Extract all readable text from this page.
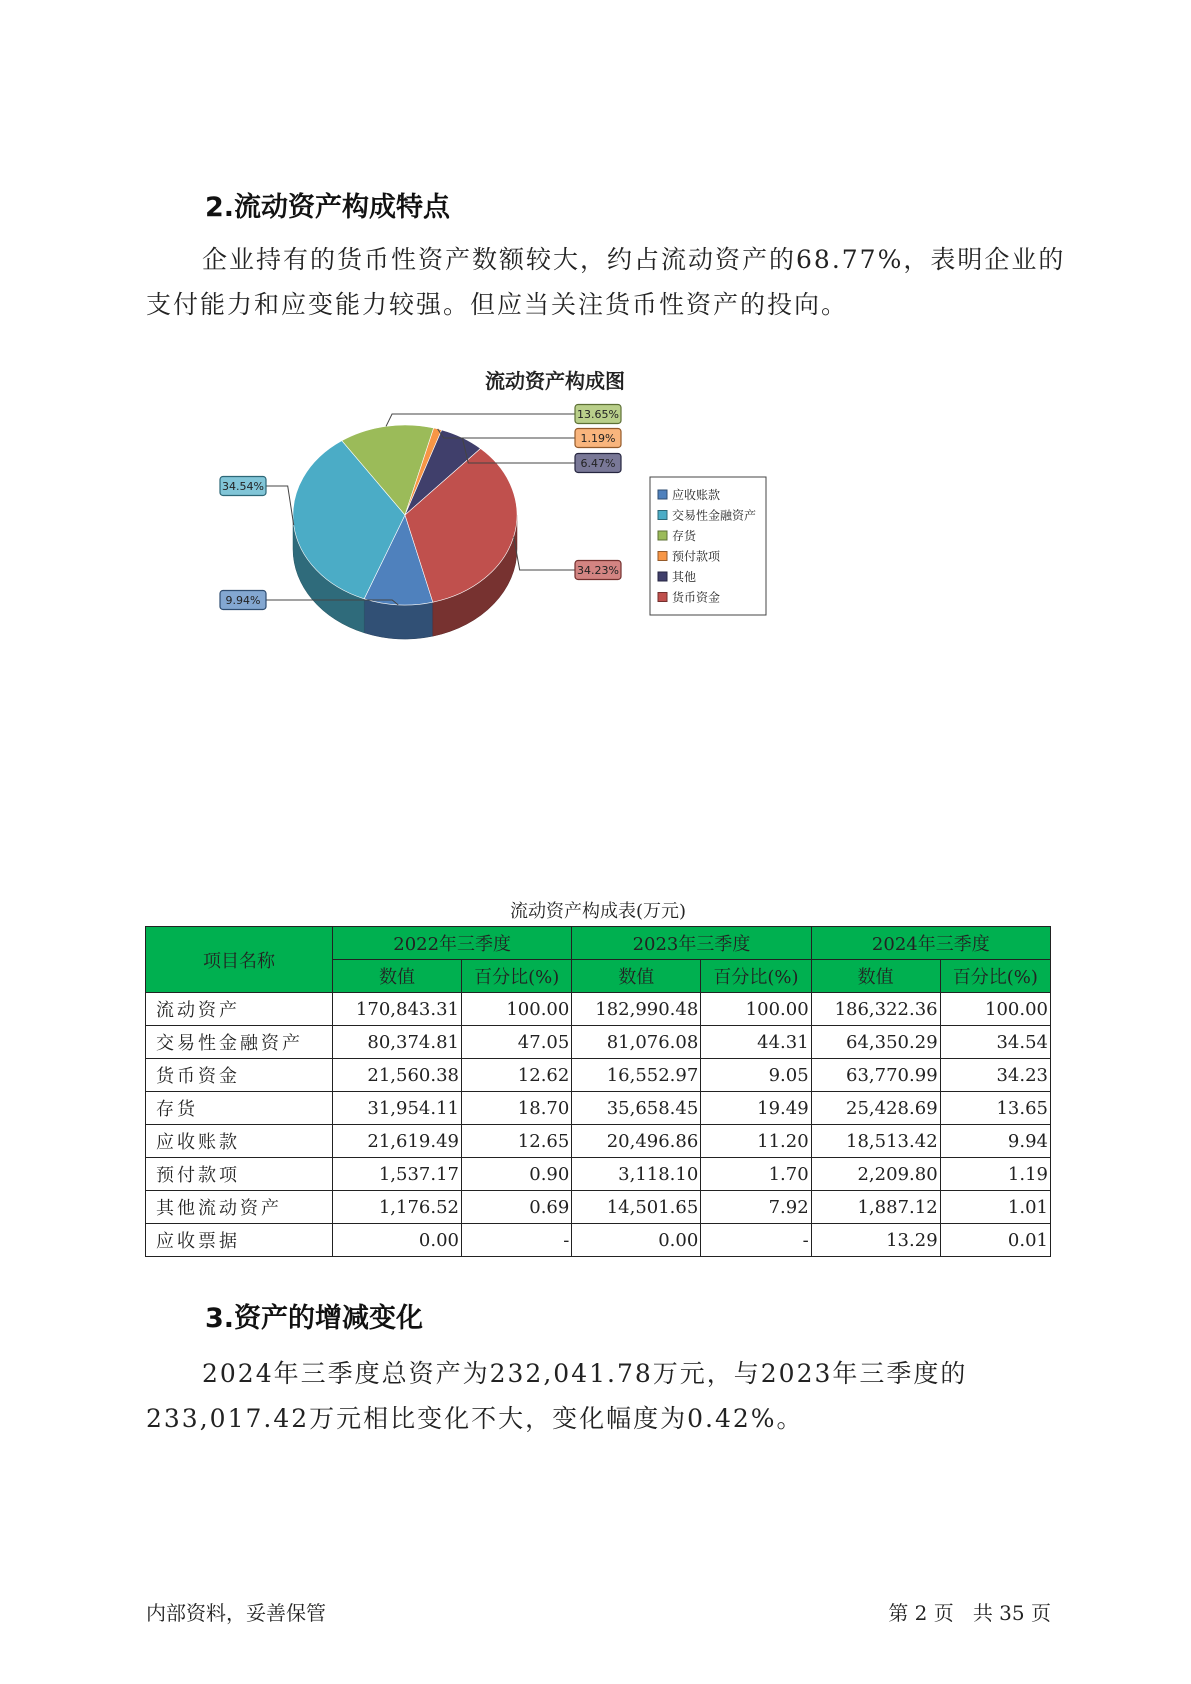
2.流动资产构成特点

企业持有的货币性资产数额较大，约占流动资产的68.77%，表明企业的支付能力和应变能力较强。但应当关注货币性资产的投向。

流动资产构成图
9.94%
34.54%
13.65%
1.19%
6.47%
34.23%
应收账款
交易性金融资产
存货
预付款项
其他
货币资金
流动资产构成表(万元)
项目名称	2022年三季度		2023年三季度		2024年三季度	
	数值	百分比(%)	数值	百分比(%)	数值	百分比(%)
流动资产	170,843.31	100.00	182,990.48	100.00	186,322.36	100.00
交易性金融资产	80,374.81	47.05	81,076.08	44.31	64,350.29	34.54
货币资金	21,560.38	12.62	16,552.97	9.05	63,770.99	34.23
存货	31,954.11	18.70	35,658.45	19.49	25,428.69	13.65
应收账款	21,619.49	12.65	20,496.86	11.20	18,513.42	9.94
预付款项	1,537.17	0.90	3,118.10	1.70	2,209.80	1.19
其他流动资产	1,176.52	0.69	14,501.65	7.92	1,887.12	1.01
应收票据	0.00	-	0.00	-	13.29	0.01
3.资产的增减变化

2024年三季度总资产为232,041.78万元，与2023年三季度的233,017.42万元相比变化不大，变化幅度为0.42%。

内部资料，妥善保管	第 2 页   共 35 页
